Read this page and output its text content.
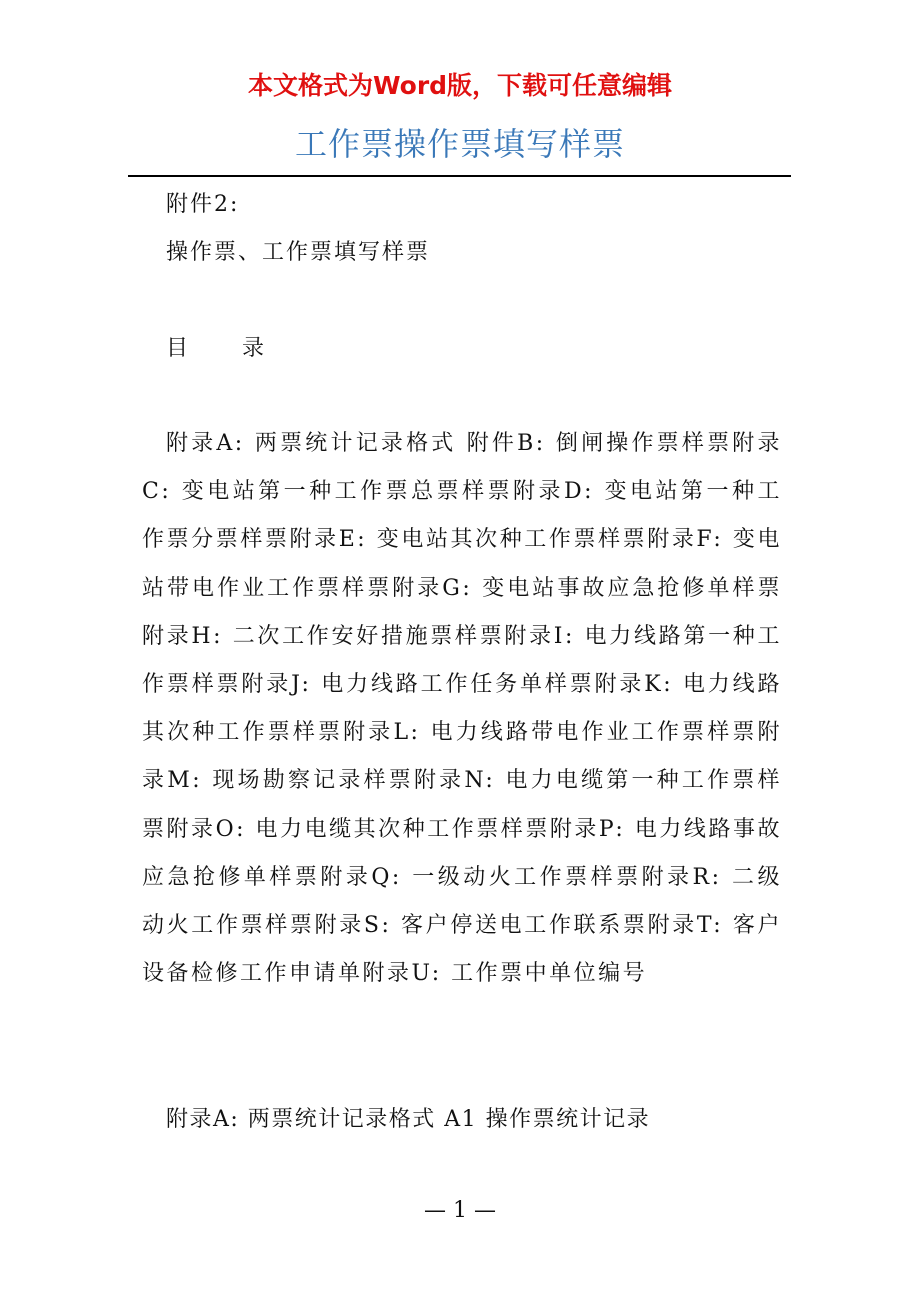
本文格式为Word版，下载可任意编辑
工作票操作票填写样票
附件2:
操作票、工作票填写样票
目 录

附录A: 两票统计记录格式 附件B: 倒闸操作票样票附录C: 变电站第一种工作票总票样票附录D: 变电站第一种工作票分票样票附录E: 变电站其次种工作票样票附录F: 变电站带电作业工作票样票附录G: 变电站事故应急抢修单样票附录H: 二次工作安好措施票样票附录I: 电力线路第一种工作票样票附录J: 电力线路工作任务单样票附录K: 电力线路其次种工作票样票附录L: 电力线路带电作业工作票样票附录M: 现场勘察记录样票附录N: 电力电缆第一种工作票样票附录O: 电力电缆其次种工作票样票附录P: 电力线路事故应急抢修单样票附录Q: 一级动火工作票样票附录R: 二级动火工作票样票附录S: 客户停送电工作联系票附录T: 客户设备检修工作申请单附录U: 工作票中单位编号

附录A: 两票统计记录格式 A1 操作票统计记录
— 1 —
